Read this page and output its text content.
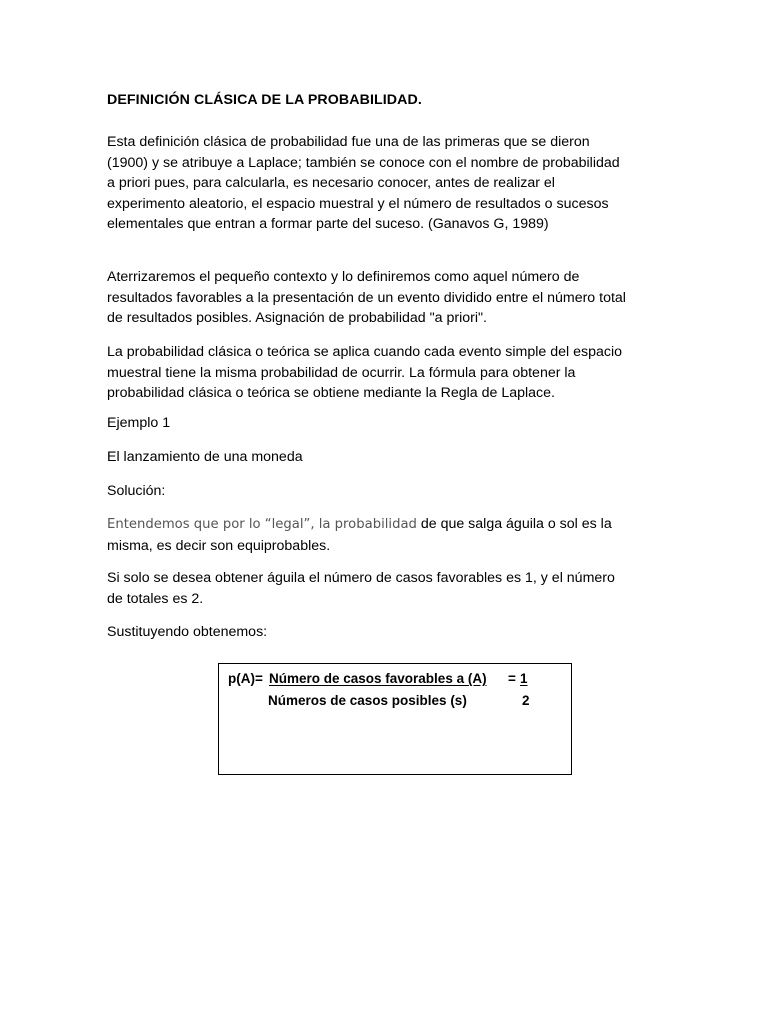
DEFINICIÓN CLÁSICA DE LA PROBABILIDAD.

Esta definición clásica de probabilidad fue una de las primeras que se dieron
(1900) y se atribuye a Laplace; también se conoce con el nombre de probabilidad
a priori pues, para calcularla, es necesario conocer, antes de realizar el
experimento aleatorio, el espacio muestral y el número de resultados o sucesos
elementales que entran a formar parte del suceso. (Ganavos G, 1989)

Aterrizaremos el pequeño contexto y lo definiremos como aquel número de
resultados favorables a la presentación de un evento dividido entre el número total
de resultados posibles. Asignación de probabilidad "a priori".

La probabilidad clásica o teórica se aplica cuando cada evento simple del espacio
muestral tiene la misma probabilidad de ocurrir. La fórmula para obtener la
probabilidad clásica o teórica se obtiene mediante la Regla de Laplace.

Ejemplo 1

El lanzamiento de una moneda

Solución:

Entendemos que por lo “legal”, la probabilidad de que salga águila o sol es la
misma, es decir son equiprobables.

Si solo se desea obtener águila el número de casos favorables es 1, y el número
de totales es 2.

Sustituyendo obtenemos:

p(A)= Número de casos favorables a (A) = 1
Números de casos posibles (s)	2
